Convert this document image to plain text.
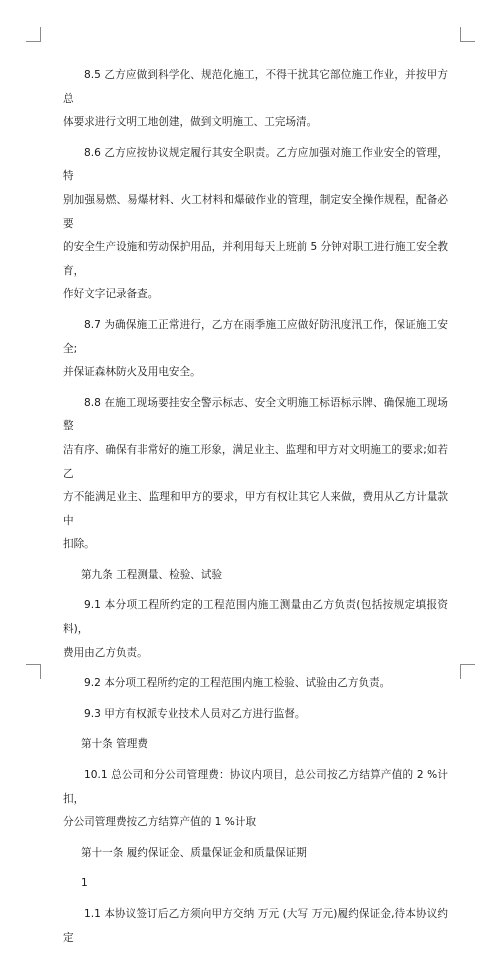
8.5 乙方应做到科学化、规范化施工，不得干扰其它部位施工作业，并按甲方总

体要求进行文明工地创建，做到文明施工、工完场清。

8.6 乙方应按协议规定履行其安全职责。乙方应加强对施工作业安全的管理，特

别加强易燃、易爆材料、火工材料和爆破作业的管理，制定安全操作规程，配备必要

的安全生产设施和劳动保护用品，并利用每天上班前 5 分钟对职工进行施工安全教育，

作好文字记录备查。

8.7 为确保施工正常进行，乙方在雨季施工应做好防汛度汛工作，保证施工安全;

并保证森林防火及用电安全。

8.8 在施工现场要挂安全警示标志、安全文明施工标语标示牌、确保施工现场整

洁有序、确保有非常好的施工形象，满足业主、监理和甲方对文明施工的要求;如若乙

方不能满足业主、监理和甲方的要求，甲方有权让其它人来做，费用从乙方计量款中

扣除。

第九条 工程测量、检验、试验

9.1 本分项工程所约定的工程范围内施工测量由乙方负责(包括按规定填报资料)，

费用由乙方负责。

9.2 本分项工程所约定的工程范围内施工检验、试验由乙方负责。

9.3 甲方有权派专业技术人员对乙方进行监督。

第十条 管理费

10.1 总公司和分公司管理费：协议内项目，总公司按乙方结算产值的 2 %计扣，

分公司管理费按乙方结算产值的 1 %计取

第十一条 履约保证金、质量保证金和质量保证期
1

1.1 本协议签订后乙方须向甲方交纳 万元 (大写 万元)履约保证金,待本协议约定
